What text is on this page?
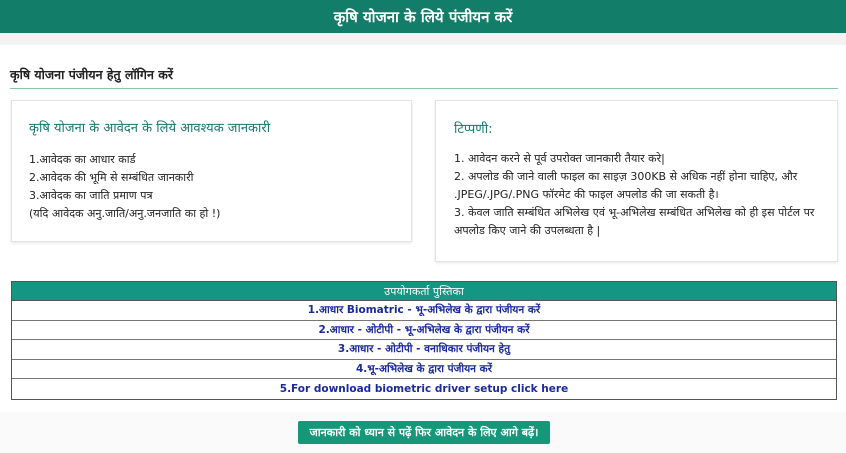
कृषि योजना के लिये पंजीयन करें
कृषि योजना पंजीयन हेतु लॉगिन करें
कृषि योजना के आवेदन के लिये आवश्यक जानकारी
1.आवेदक का आधार कार्ड
2.आवेदक की भूमि से सम्बंधित जानकारी
3.आवेदक का जाति प्रमाण पत्र
(यदि आवेदक अनु.जाति/अनु.जनजाति का हो !)
टिप्पणी:
1. आवेदन करने से पूर्व उपरोक्त जानकारी तैयार करे|
2. अपलोड की जाने वाली फाइल का साइज़ 300KB से अधिक नहीं होना चाहिए, और .JPEG/.JPG/.PNG फॉरमेट की फाइल अपलोड की जा सकती है।
3. केवल जाति सम्बंधित अभिलेख एवं भू-अभिलेख सम्बंधित अभिलेख को ही इस पोर्टल पर अपलोड किए जाने की उपलब्धता है |
उपयोगकर्ता पुस्तिका
1.आधार Biomatric - भू-अभिलेख के द्वारा पंजीयन करें
2.आधार - ओटीपी - भू-अभिलेख के द्वारा पंजीयन करें
3.आधार - ओटीपी - वनाधिकार पंजीयन हेतु
4.भू-अभिलेख के द्वारा पंजीयन करें
5.For download biometric driver setup click here
जानकारी को ध्यान से पढ़ें फिर आवेदन के लिए आगे बढ़ें।
